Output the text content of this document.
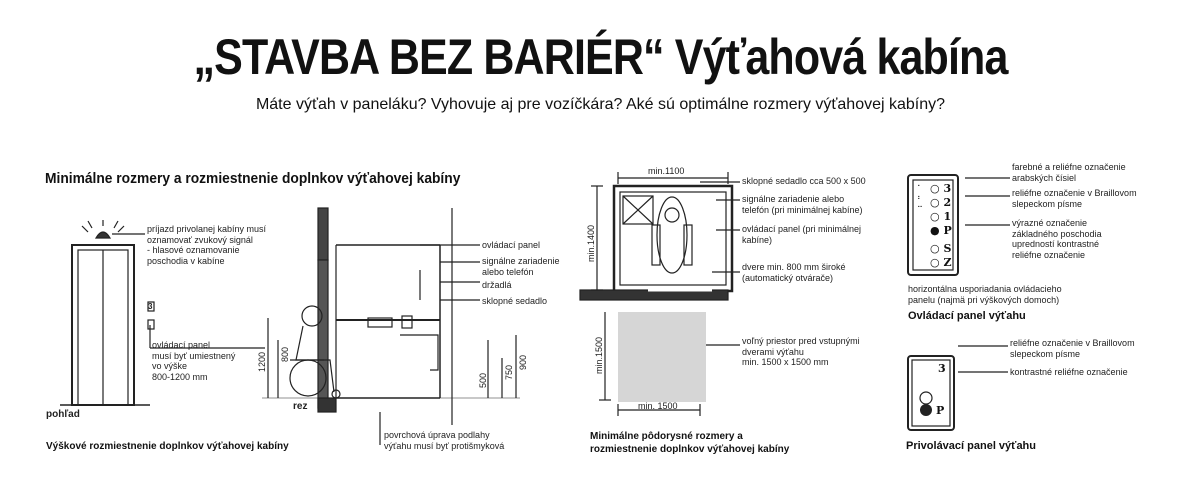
„STAVBA BEZ BARIÉR“ Výťahová kabína
Máte výťah v paneláku? Vyhovuje aj pre vozíčkára? Aké sú optimálne rozmery výťahovej kabíny?
Minimálne rozmery a rozmiestnenie doplnkov výťahovej kabíny
príjazd privolanej kabíny musí
oznamovať zvukový signál
- hlasové oznamovanie
poschodia v kabíne
ovládací panel
musí byť umiestnený
vo výške
800-1200 mm
3
pohľad
rez
ovládací panel
signálne zariadenie
alebo telefón
držadlá
sklopné sedadlo
povrchová úprava podlahy
výťahu musí byť protišmyková
1200 800
900
750
500
Výškové rozmiestnenie doplnkov výťahovej kabíny
min.1100
min.1400
min.1500
min. 1500
sklopné sedadlo cca 500 x 500
signálne zariadenie alebo
telefón (pri minimálnej kabíne)
ovládací panel (pri minimálnej
kabíne)
dvere min. 800 mm široké
(automatický otvárače)
voľný priestor pred vstupnými
dverami výťahu
min. 1500 x 1500 mm
Minimálne pôdorysné rozmery a
rozmiestnenie doplnkov výťahovej kabíny
○ 3
○ 2
○ 1
● P
○ S
○ Z
⠁
⠃
⠉
farebné a reliéfne označenie
arabských čísiel
reliéfne označenie v Braillovom
slepeckom písme
výrazné označenie
základného poschodia
upredností kontrastné
reliéfne označenie
horizontálna usporiadania ovládacieho
panelu (najmä pri výškových domoch)
Ovládací panel výťahu
3
P
reliéfne označenie v Braillovom
slepeckom písme
kontrastné reliéfne označenie
Privolávací panel výťahu
